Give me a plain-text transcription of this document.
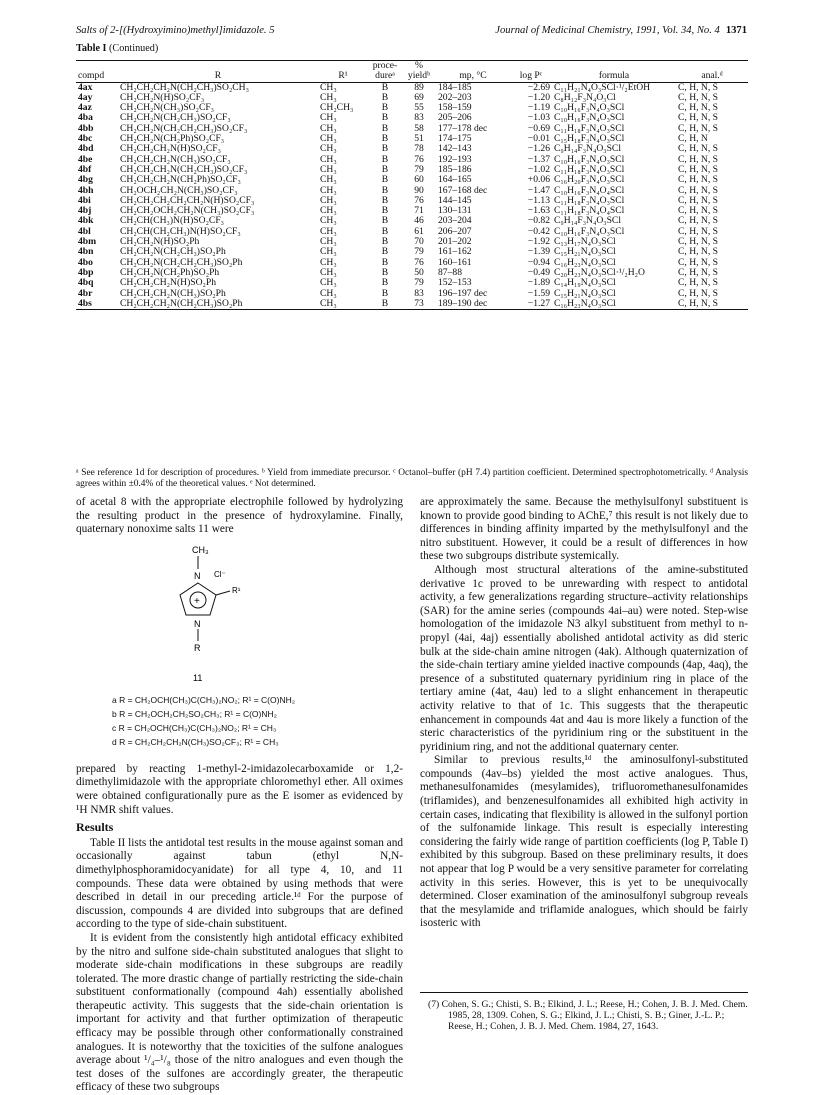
Salts of 2-[(Hydroxyimino)methyl]imidazole. 5	Journal of Medicinal Chemistry, 1991, Vol. 34, No. 4 1371
Table I (Continued)
			proce-	%				
compd	R	R¹	dureᵃ	yieldᵇ	mp, °C	log Pᶜ	formula	anal.ᵈ
4ax	CH₂CH₂CH₂N(CH₂CH₃)SO₂CH₃	CH₃	B	89	184–185	−2.69	C₁₁H₂₁N₄O₃SCl·¹/₂EtOH	C, H, N, S
4ay	CH₂CH₂N(H)SO₂CF₃	CH₃	B	69	202–203	−1.20	C₈H₁₂F₃N₄O₃Cl	C, H, N, S
4az	CH₂CH₂N(CH₃)SO₂CF₃	CH₂CH₃	B	55	158–159	−1.19	C₁₀H₁₆F₃N₄O₃SCl	C, H, N, S
4ba	CH₂CH₂N(CH₂CH₃)SO₂CF₃	CH₃	B	83	205–206	−1.03	C₁₀H₁₆F₃N₄O₃SCl	C, H, N, S
4bb	CH₂CH₂N(CH₂CH₂CH₃)SO₂CF₃	CH₃	B	58	177–178 dec	−0.69	C₁₁H₁₈F₃N₄O₃SCl	C, H, N, S
4bc	CH₂CH₂N(CH₂Ph)SO₂CF₃	CH₃	B	51	174–175	−0.01	C₁₅H₁₈F₃N₄O₃SCl	C, H, N
4bd	CH₂CH₂CH₂N(H)SO₂CF₃	CH₃	B	78	142–143	−1.26	C₉H₁₄F₃N₄O₃SCl	C, H, N, S
4be	CH₂CH₂CH₂N(CH₃)SO₂CF₃	CH₃	B	76	192–193	−1.37	C₁₀H₁₆F₃N₄O₃SCl	C, H, N, S
4bf	CH₂CH₂CH₂N(CH₂CH₃)SO₂CF₃	CH₃	B	79	185–186	−1.02	C₁₁H₁₈F₃N₄O₃SCl	C, H, N, S
4bg	CH₂CH₂CH₂N(CH₂Ph)SO₂CF₃	CH₃	B	60	164–165	+0.06	C₁₆H₂₀F₃N₄O₃SCl	C, H, N, S
4bh	CH₂OCH₂CH₂N(CH₃)SO₂CF₃	CH₃	B	90	167–168 dec	−1.47	C₁₀H₁₆F₃N₄O₄SCl	C, H, N, S
4bi	CH₂CH₂CH₂CH₂CH₂N(H)SO₂CF₃	CH₃	B	76	144–145	−1.13	C₁₁H₁₈F₃N₄O₃SCl	C, H, N, S
4bj	CH₂CH₂OCH₂CH₂N(CH₃)SO₂CF₃	CH₃	B	71	130–131	−1.63	C₁₁H₁₈F₃N₄O₄SCl	C, H, N, S
4bk	CH₂CH(CH₃)N(H)SO₂CF₃	CH₃	B	46	203–204	−0.82	C₉H₁₄F₃N₄O₃SCl	C, H, N, S
4bl	CH₂CH(CH₂CH₃)N(H)SO₂CF₃	CH₃	B	61	206–207	−0.42	C₁₀H₁₆F₃N₄O₃SCl	C, H, N, S
4bm	CH₂CH₂N(H)SO₂Ph	CH₃	B	70	201–202	−1.92	C₁₃H₁₇N₄O₃SCl	C, H, N, S
4bn	CH₂CH₂N(CH₂CH₃)SO₂Ph	CH₃	B	79	161–162	−1.39	C₁₅H₂₁N₄O₃SCl	C, H, N, S
4bo	CH₂CH₂N(CH₂CH₂CH₃)SO₂Ph	CH₃	B	76	160–161	−0.94	C₁₆H₂₃N₄O₃SCl	C, H, N, S
4bp	CH₂CH₂N(CH₂Ph)SO₂Ph	CH₃	B	50	87–88	−0.49	C₂₀H₂₃N₄O₃SCl·¹/₂H₂O	C, H, N, S
4bq	CH₂CH₂CH₂N(H)SO₂Ph	CH₃	B	79	152–153	−1.89	C₁₄H₁₉N₄O₃SCl	C, H, N, S
4br	CH₂CH₂CH₂N(CH₃)SO₂Ph	CH₃	B	83	196–197 dec	−1.59	C₁₅H₂₁N₄O₃SCl	C, H, N, S
4bs	CH₂CH₂CH₂N(CH₂CH₃)SO₂Ph	CH₃	B	73	189–190 dec	−1.27	C₁₆H₂₃N₄O₃SCl	C, H, N, S
ᵃ See reference 1d for description of procedures. ᵇ Yield from immediate precursor. ᶜ Octanol–buffer (pH 7.4) partition coefficient. Determined spectrophotometrically. ᵈ Analysis agrees within ±0.4% of the theoretical values. ᵉ Not determined.

of acetal 8 with the appropriate electrophile followed by hydrolyzing the resulting product in the presence of hydroxylamine. Finally, quaternary nonoxime salts 11 were

CH₃
N Cl⁻
+
R¹
N
R
11
a R = CH₂OCH(CH₃)C(CH₃)₂NO₂; R¹ = C(O)NH₂
b R = CH₂OCH₂CH₂SO₂CH₃; R¹ = C(O)NH₂
c R = CH₂OCH(CH₃)C(CH₃)₂NO₂; R¹ = CH₃
d R = CH₂CH₂CH₂N(CH₃)SO₂CF₃; R¹ = CH₃

prepared by reacting 1-methyl-2-imidazolecarboxamide or 1,2-dimethylimidazole with the appropriate chloromethyl ether. All oximes were obtained configurationally pure as the E isomer as evidenced by ¹H NMR shift values.

Results

Table II lists the antidotal test results in the mouse against soman and occasionally against tabun (ethyl N,N-dimethylphosphoramidocyanidate) for all type 4, 10, and 11 compounds. These data were obtained by using methods that were described in detail in our preceding article.¹ᵈ For the purpose of discussion, compounds 4 are divided into subgroups that are defined according to the type of side-chain substituent.

It is evident from the consistently high antidotal efficacy exhibited by the nitro and sulfone side-chain substituted analogues that slight to moderate side-chain modifications in these subgroups are readily tolerated. The more drastic change of partially restricting the side-chain substituent conformationally (compound 4ah) essentially abolished therapeutic activity. This suggests that the side-chain orientation is important for activity and that further optimization of therapeutic efficacy may be possible through other conformationally constrained analogues. It is noteworthy that the toxicities of the sulfone analogues average about ¹/₄–¹/₈ those of the nitro analogues and even though the test doses of the sulfones are accordingly greater, the therapeutic efficacy of these two subgroups

are approximately the same. Because the methylsulfonyl substituent is known to provide good binding to AChE,⁷ this result is not likely due to differences in binding affinity imparted by the methylsulfonyl and the nitro substituent. However, it could be a result of differences in how these two subgroups distribute systemically.

Although most structural alterations of the amine-substituted derivative 1c proved to be unrewarding with respect to antidotal activity, a few generalizations regarding structure–activity relationships (SAR) for the amine series (compounds 4ai–au) were noted. Step-wise homologation of the imidazole N3 alkyl substituent from methyl to n-propyl (4ai, 4aj) essentially abolished antidotal activity as did steric bulk at the side-chain amine nitrogen (4ak). Although quaternization of the side-chain tertiary amine yielded inactive compounds (4ap, 4aq), the presence of a substituted quaternary pyridinium ring in place of the tertiary amine (4at, 4au) led to a slight enhancement in therapeutic activity relative to that of 1c. This suggests that the therapeutic enhancement in compounds 4at and 4au is more likely a function of the steric characteristics of the pyridinium ring or the substituent in the pyridinium ring, and not the additional quaternary center.

Similar to previous results,¹ᵈ the aminosulfonyl-substituted compounds (4av–bs) yielded the most active analogues. Thus, methanesulfonamides (mesylamides), trifluoromethanesulfonamides (triflamides), and benzenesulfonamides all exhibited high activity in certain cases, indicating that flexibility is allowed in the sulfonyl portion of the sulfonamide linkage. This result is especially interesting considering the fairly wide range of partition coefficients (log P, Table I) exhibited by this subgroup. Based on these preliminary results, it does not appear that log P would be a very sensitive parameter for correlating activity in this series. However, this is yet to be unequivocally determined. Closer examination of the aminosulfonyl subgroup reveals that the mesylamide and triflamide analogues, which should be fairly isosteric with

(7) Cohen, S. G.; Chisti, S. B.; Elkind, J. L.; Reese, H.; Cohen, J. B. J. Med. Chem. 1985, 28, 1309. Cohen, S. G.; Elkind, J. L.; Chisti, S. B.; Giner, J.-L. P.; Reese, H.; Cohen, J. B. J. Med. Chem. 1984, 27, 1643.
